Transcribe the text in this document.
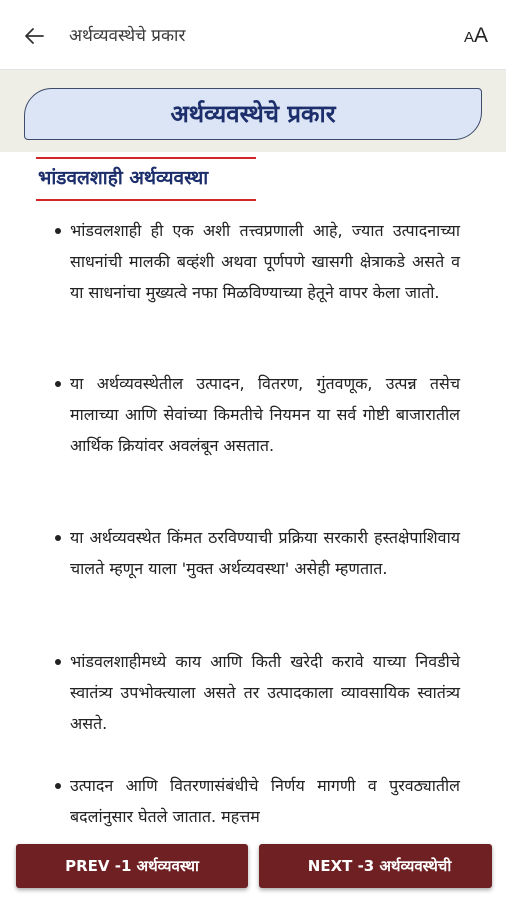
अर्थव्यवस्थेचे प्रकार	AA
अर्थव्यवस्थेचे प्रकार
भांडवलशाही अर्थव्यवस्था
भांडवलशाही ही एक अशी तत्त्वप्रणाली आहे, ज्यात उत्पादनाच्या साधनांची मालकी बव्हंशी अथवा पूर्णपणे खासगी क्षेत्राकडे असते व या साधनांचा मुख्यत्वे नफा मिळविण्याच्या हेतूने वापर केला जातो.
या अर्थव्यवस्थेतील उत्पादन, वितरण, गुंतवणूक, उत्पन्न तसेच मालाच्या आणि सेवांच्या किमतीचे नियमन या सर्व गोष्टी बाजारातील आर्थिक क्रियांवर अवलंबून असतात.
या अर्थव्यवस्थेत किंमत ठरविण्याची प्रक्रिया सरकारी हस्तक्षेपाशिवाय चालते म्हणून याला 'मुक्त अर्थव्यवस्था' असेही म्हणतात.
भांडवलशाहीमध्ये काय आणि किती खरेदी करावे याच्या निवडीचे स्वातंत्र्य उपभोक्त्याला असते तर उत्पादकाला व्यावसायिक स्वातंत्र्य असते.
उत्पादन आणि वितरणासंबंधीचे निर्णय मागणी व पुरवठ्यातील बदलांनुसार घेतले जातात. महत्तम
PREV -1 अर्थव्यवस्था	NEXT -3 अर्थव्यवस्थेची
